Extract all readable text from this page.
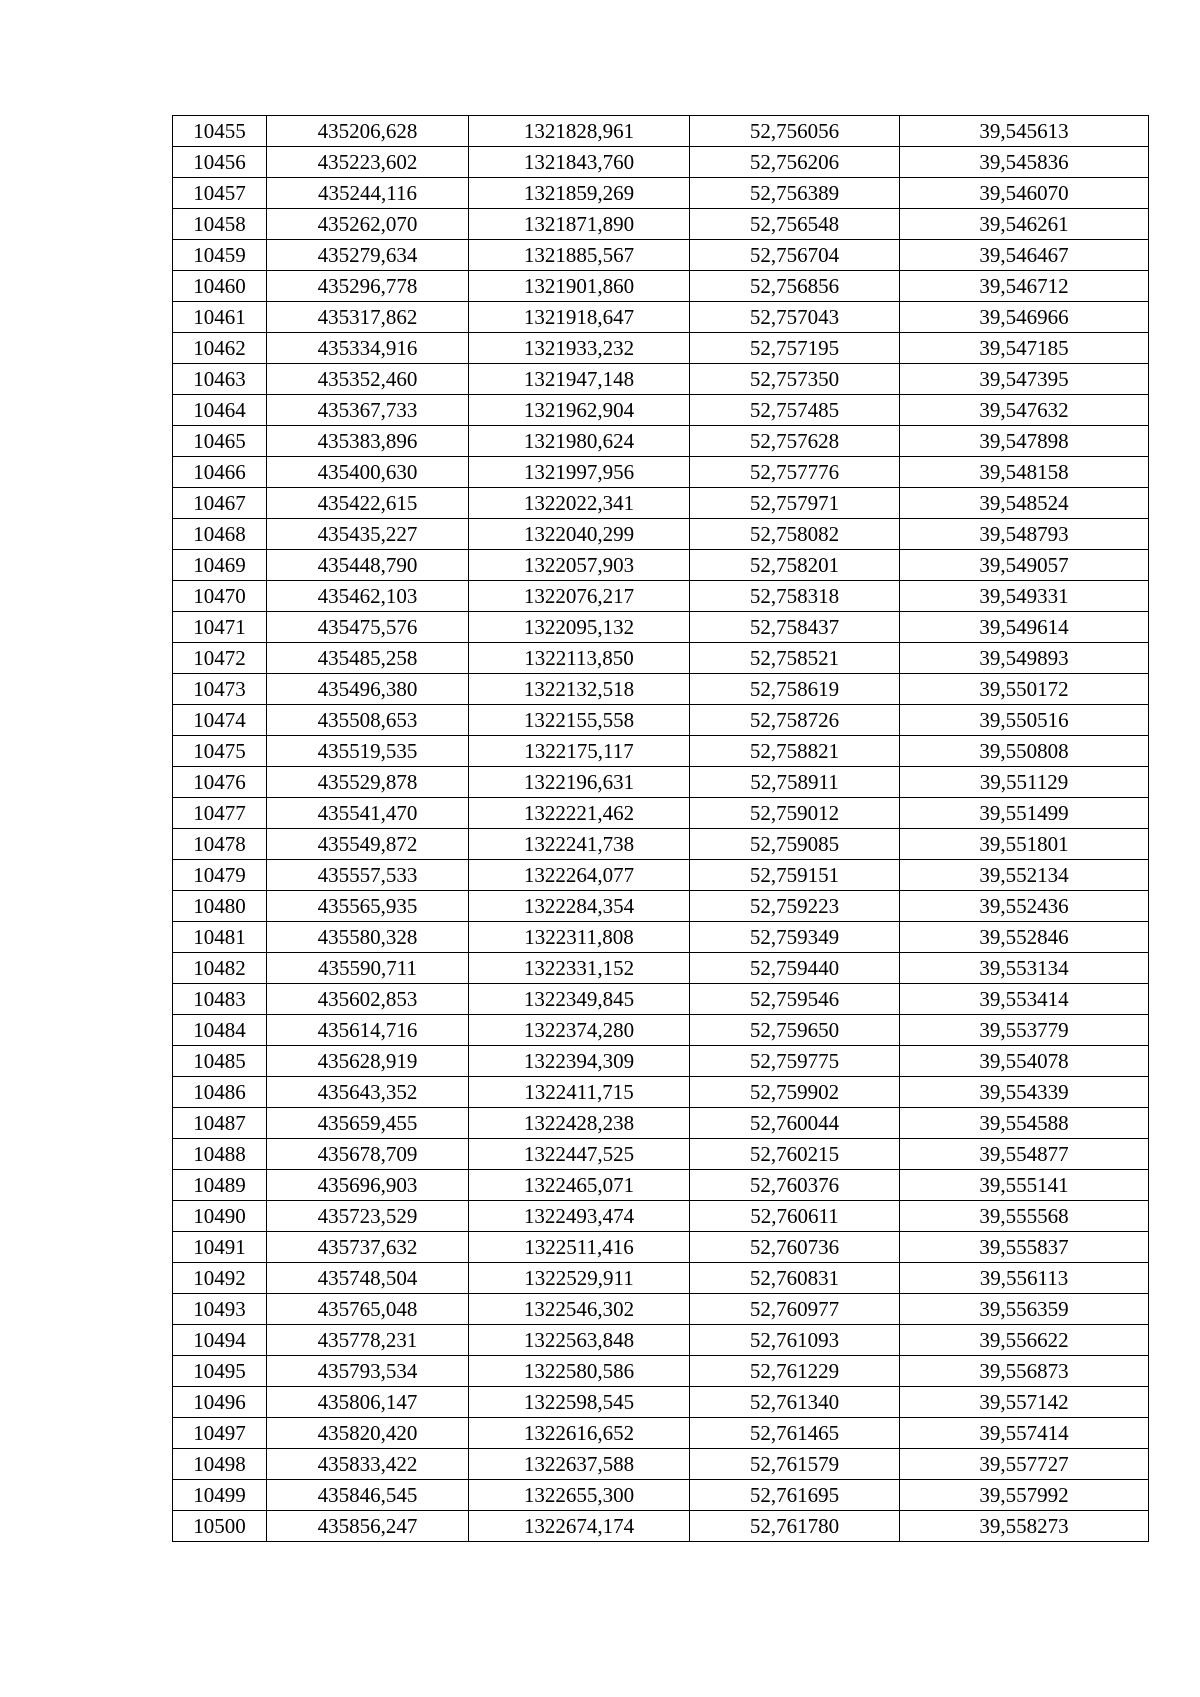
10455	435206,628	1321828,961	52,756056	39,545613
10456	435223,602	1321843,760	52,756206	39,545836
10457	435244,116	1321859,269	52,756389	39,546070
10458	435262,070	1321871,890	52,756548	39,546261
10459	435279,634	1321885,567	52,756704	39,546467
10460	435296,778	1321901,860	52,756856	39,546712
10461	435317,862	1321918,647	52,757043	39,546966
10462	435334,916	1321933,232	52,757195	39,547185
10463	435352,460	1321947,148	52,757350	39,547395
10464	435367,733	1321962,904	52,757485	39,547632
10465	435383,896	1321980,624	52,757628	39,547898
10466	435400,630	1321997,956	52,757776	39,548158
10467	435422,615	1322022,341	52,757971	39,548524
10468	435435,227	1322040,299	52,758082	39,548793
10469	435448,790	1322057,903	52,758201	39,549057
10470	435462,103	1322076,217	52,758318	39,549331
10471	435475,576	1322095,132	52,758437	39,549614
10472	435485,258	1322113,850	52,758521	39,549893
10473	435496,380	1322132,518	52,758619	39,550172
10474	435508,653	1322155,558	52,758726	39,550516
10475	435519,535	1322175,117	52,758821	39,550808
10476	435529,878	1322196,631	52,758911	39,551129
10477	435541,470	1322221,462	52,759012	39,551499
10478	435549,872	1322241,738	52,759085	39,551801
10479	435557,533	1322264,077	52,759151	39,552134
10480	435565,935	1322284,354	52,759223	39,552436
10481	435580,328	1322311,808	52,759349	39,552846
10482	435590,711	1322331,152	52,759440	39,553134
10483	435602,853	1322349,845	52,759546	39,553414
10484	435614,716	1322374,280	52,759650	39,553779
10485	435628,919	1322394,309	52,759775	39,554078
10486	435643,352	1322411,715	52,759902	39,554339
10487	435659,455	1322428,238	52,760044	39,554588
10488	435678,709	1322447,525	52,760215	39,554877
10489	435696,903	1322465,071	52,760376	39,555141
10490	435723,529	1322493,474	52,760611	39,555568
10491	435737,632	1322511,416	52,760736	39,555837
10492	435748,504	1322529,911	52,760831	39,556113
10493	435765,048	1322546,302	52,760977	39,556359
10494	435778,231	1322563,848	52,761093	39,556622
10495	435793,534	1322580,586	52,761229	39,556873
10496	435806,147	1322598,545	52,761340	39,557142
10497	435820,420	1322616,652	52,761465	39,557414
10498	435833,422	1322637,588	52,761579	39,557727
10499	435846,545	1322655,300	52,761695	39,557992
10500	435856,247	1322674,174	52,761780	39,558273
